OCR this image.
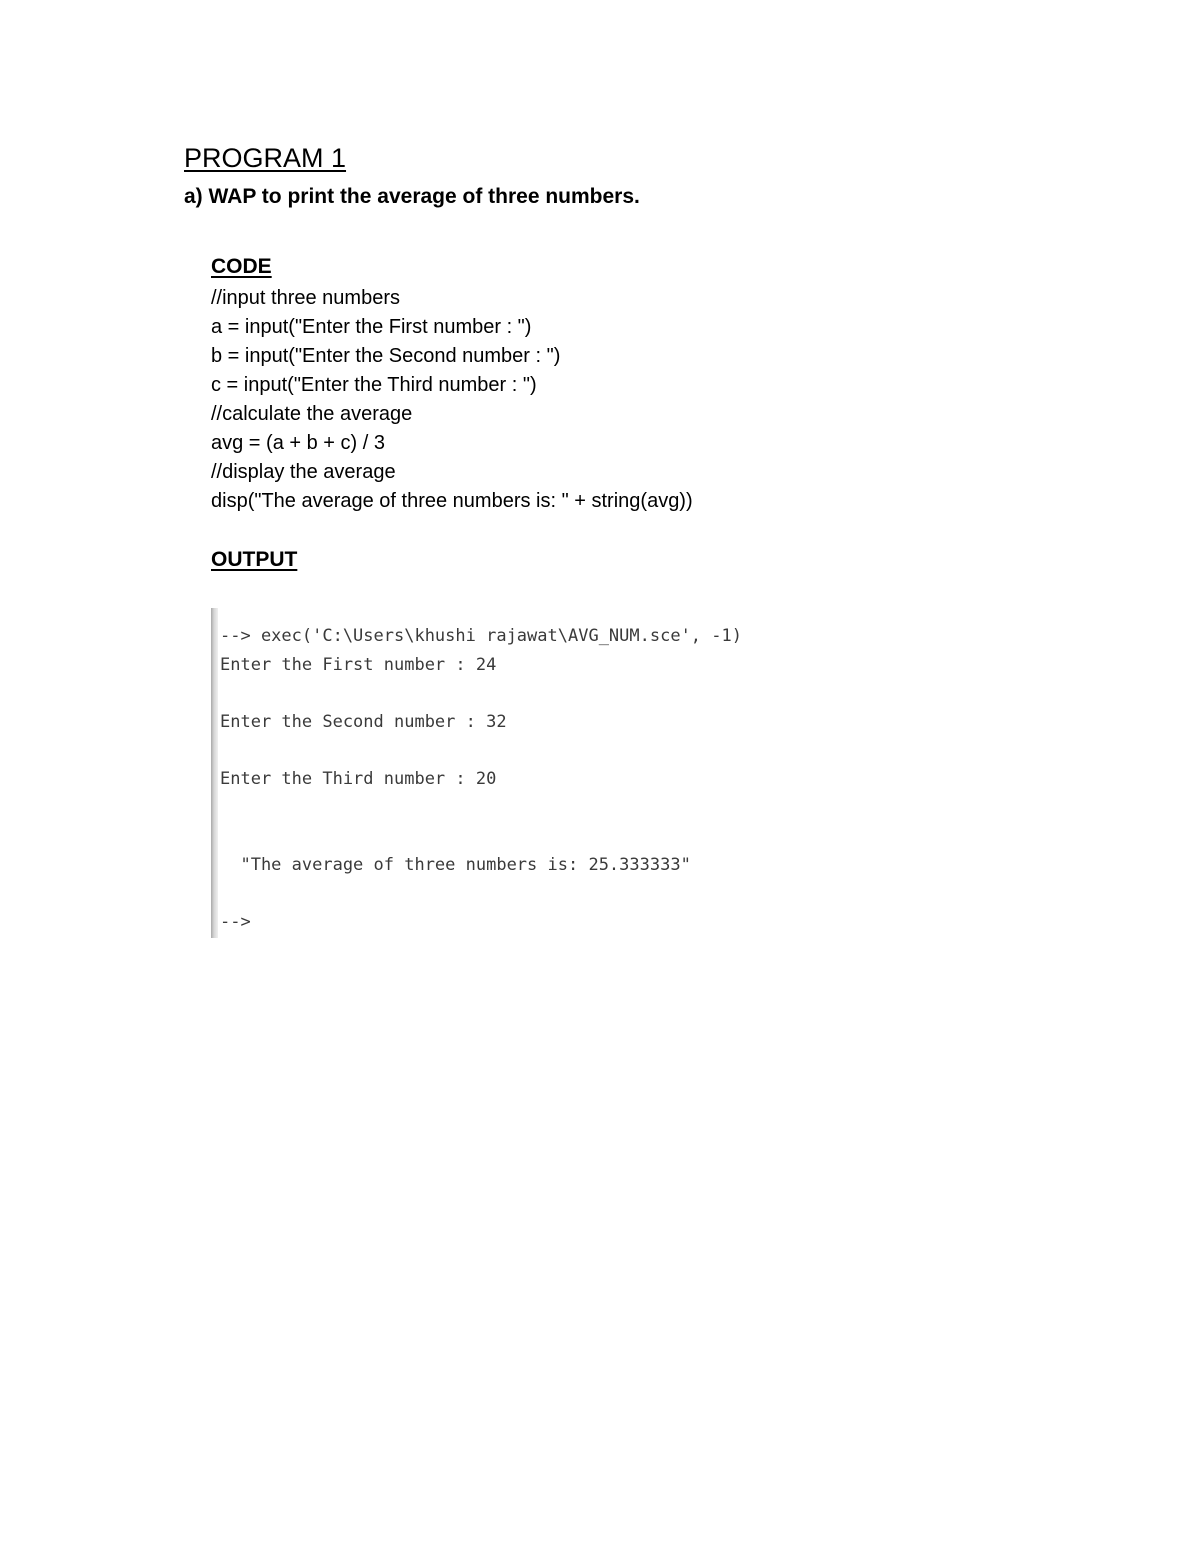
PROGRAM 1
a) WAP to print the average of three numbers.
CODE
//input three numbers
a = input("Enter the First number : ")
b = input("Enter the Second number : ")
c = input("Enter the Third number : ")
//calculate the average
avg = (a + b + c) / 3
//display the average
disp("The average of three numbers is: " + string(avg))
OUTPUT
--> exec('C:\Users\khushi rajawat\AVG_NUM.sce', -1)
Enter the First number : 24
Enter the Second number : 32
Enter the Third number : 20
"The average of three numbers is: 25.333333"
-->
